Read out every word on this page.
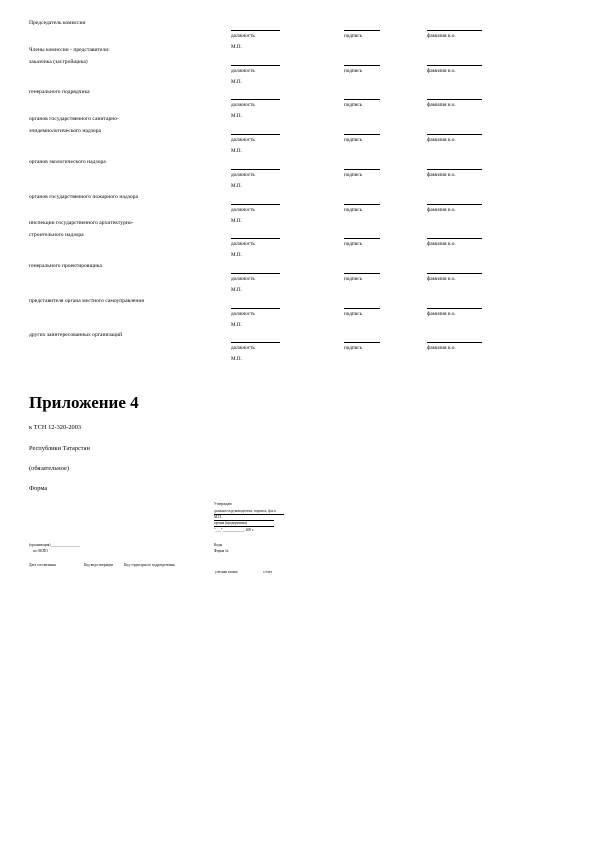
Председатель комиссии
должность	подпись	фамилия и.о.
М.П.
Члены комиссии - представители:
заказчика (застройщика)
должность	подпись	фамилия и.о.
М.П.
генерального подрядчика
должность	подпись	фамилия и.о.
М.П.
органов государственного санитарно-
эпидемиологического надзора
должность	подпись	фамилия и.о.
М.П.
органов экологического надзора
должность	подпись	фамилия и.о.
М.П.
органов государственного пожарного надзора
должность	подпись	фамилия и.о.
М.П.
инспекции государственного архитектурно-
строительного надзора
должность	подпись	фамилия и.о.
М.П.
генерального проектировщика
должность	подпись	фамилия и.о.
М.П.
представителя органа местного самоуправления
должность	подпись	фамилия и.о.
М.П.
других заинтересованных организаций
должность	подпись	фамилия и.о.
М.П.
Приложение 4
к ТСН 12-320-2003
Республики Татарстан
(обязательное)
Форма
Утверждаю
должность руководителя, подпись, ф.и.о.
М.П.
органа (предприятия)
"___" ____________ 200 г.
(организация) ________________
по ОКПО
Коды
Форма №
Дата составления	Код вида операции	Код структурного подразделения
учетная запись	с/счет
